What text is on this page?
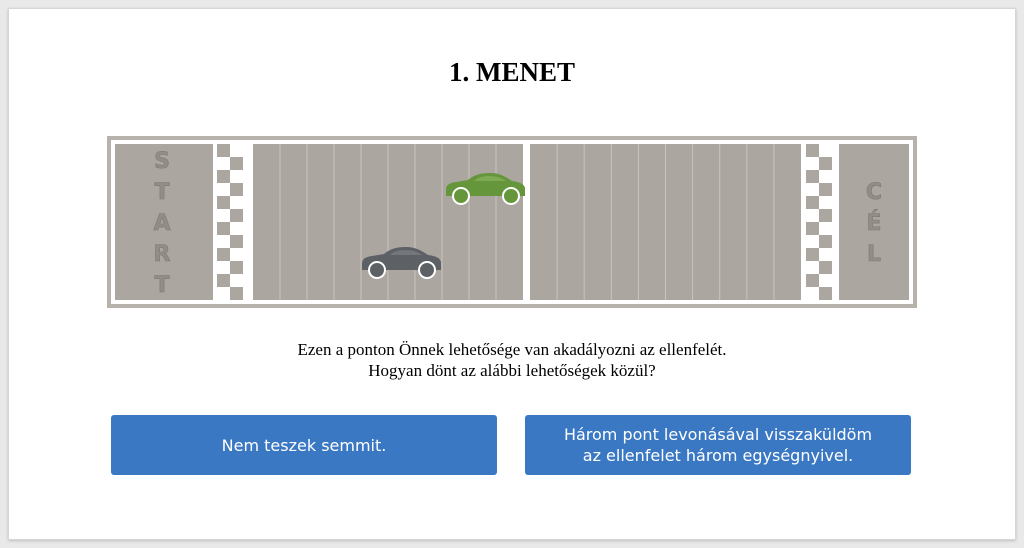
1. MENET
S
T
A
R
T
C
É
L
Ezen a ponton Önnek lehetősége van akadályozni az ellenfelét.
Hogyan dönt az alábbi lehetőségek közül?
Nem teszek semmit.
Három pont levonásával visszaküldöm
az ellenfelet három egységnyivel.
